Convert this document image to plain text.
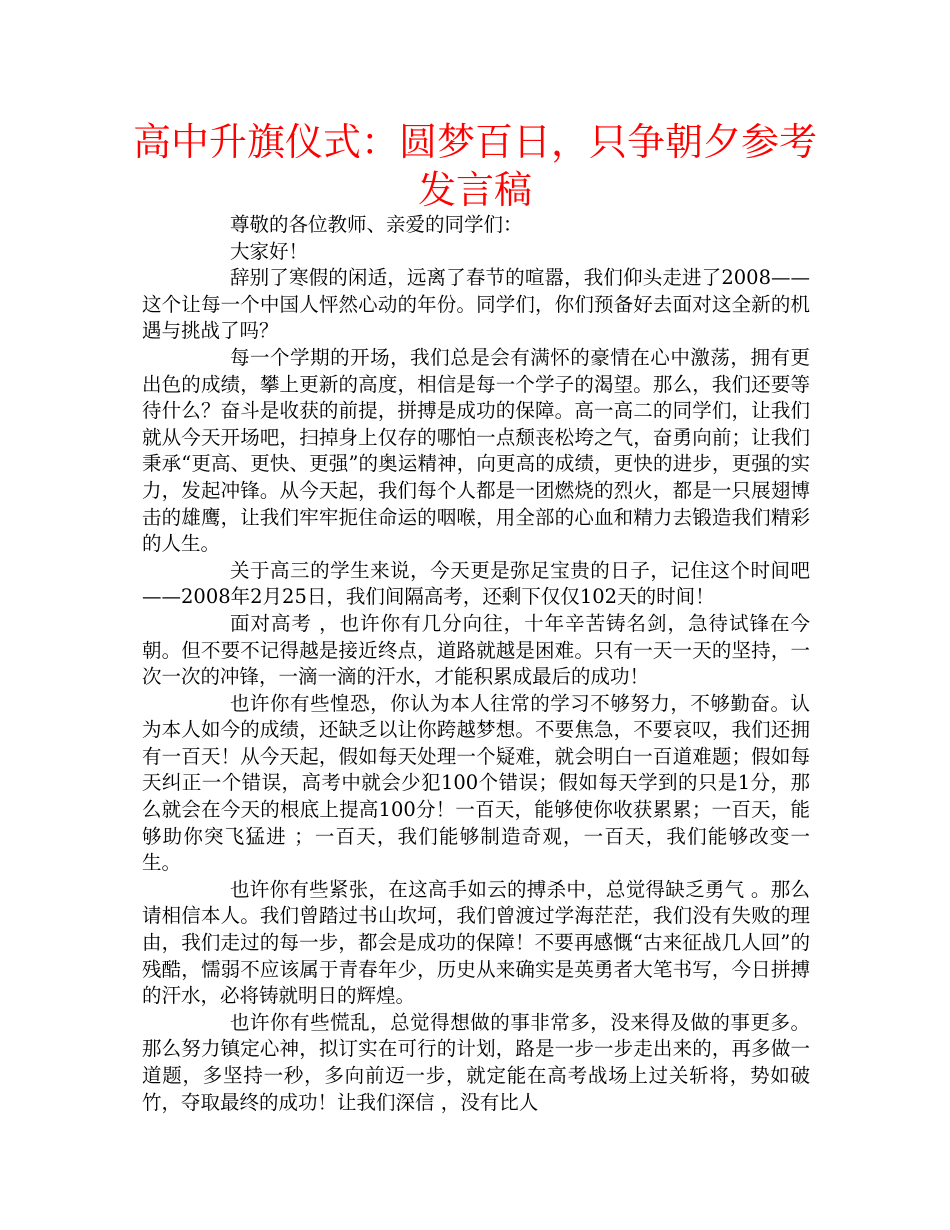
高中升旗仪式：圆梦百日，只争朝夕参考发言稿

尊敬的各位教师、亲爱的同学们：

大家好！

辞别了寒假的闲适，远离了春节的喧嚣，我们仰头走进了2008——这个让每一个中国人怦然心动的年份。同学们，你们预备好去面对这全新的机遇与挑战了吗？

每一个学期的开场，我们总是会有满怀的豪情在心中激荡，拥有更出色的成绩，攀上更新的高度，相信是每一个学子的渴望。那么，我们还要等待什么？奋斗是收获的前提，拼搏是成功的保障。高一高二的同学们，让我们就从今天开场吧，扫掉身上仅存的哪怕一点颓丧松垮之气，奋勇向前；让我们秉承“更高、更快、更强”的奥运精神，向更高的成绩，更快的进步，更强的实力，发起冲锋。从今天起，我们每个人都是一团燃烧的烈火，都是一只展翅博击的雄鹰，让我们牢牢扼住命运的咽喉，用全部的心血和精力去锻造我们精彩的人生。

关于高三的学生来说，今天更是弥足宝贵的日子，记住这个时间吧——2008年2月25日，我们间隔高考，还剩下仅仅102天的时间！

面对高考 ，也许你有几分向往，十年辛苦铸名剑，急待试锋在今朝。但不要不记得越是接近终点，道路就越是困难。只有一天一天的坚持，一次一次的冲锋，一滴一滴的汗水，才能积累成最后的成功！

也许你有些惶恐，你认为本人往常的学习不够努力，不够勤奋。认为本人如今的成绩，还缺乏以让你跨越梦想。不要焦急，不要哀叹，我们还拥有一百天！从今天起，假如每天处理一个疑难，就会明白一百道难题；假如每天纠正一个错误，高考中就会少犯100个错误；假如每天学到的只是1分，那么就会在今天的根底上提高100分！一百天，能够使你收获累累；一百天，能够助你突飞猛进 ；一百天，我们能够制造奇观，一百天，我们能够改变一生。

也许你有些紧张，在这高手如云的搏杀中，总觉得缺乏勇气 。那么请相信本人。我们曾踏过书山坎坷，我们曾渡过学海茫茫，我们没有失败的理由，我们走过的每一步，都会是成功的保障！不要再感慨“古来征战几人回”的残酷，懦弱不应该属于青春年少，历史从来确实是英勇者大笔书写，今日拼搏的汗水，必将铸就明日的辉煌。

也许你有些慌乱，总觉得想做的事非常多，没来得及做的事更多。那么努力镇定心神，拟订实在可行的计划，路是一步一步走出来的，再多做一道题，多坚持一秒，多向前迈一步，就定能在高考战场上过关斩将，势如破竹，夺取最终的成功！让我们深信 ，没有比人
